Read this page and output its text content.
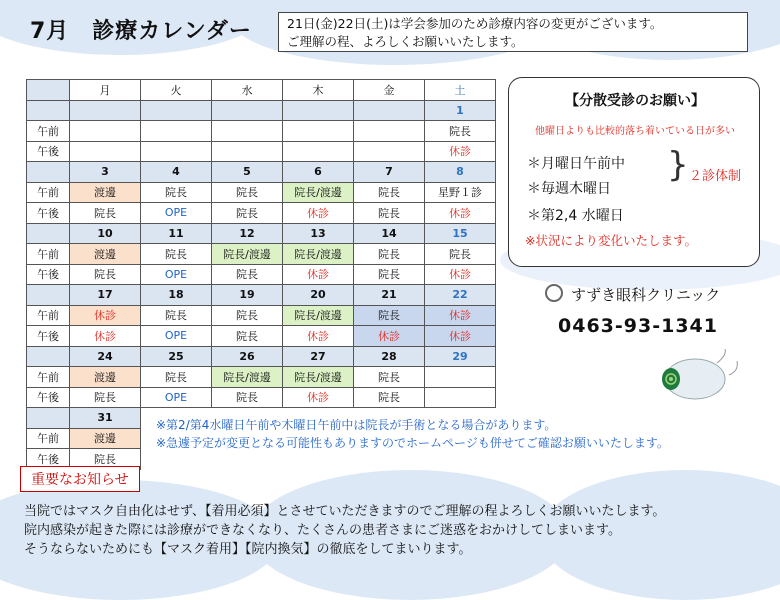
7月　診療カレンダー	21日(金)22日(土)は学会参加のため診療内容の変更がございます。
ご理解の程、よろしくお願いいたします。
	月	火	水	木	金	土
						1
午前						院長
午後						休診
	3	4	5	6	7	8
午前	渡邊	院長	院長	院長/渡邊	院長	星野１診
午後	院長	OPE	院長	休診	院長	休診
	10	11	12	13	14	15
午前	渡邊	院長	院長/渡邊	院長/渡邊	院長	院長
午後	院長	OPE	院長	休診	院長	休診
	17	18	19	20	21	22
午前	休診	院長	院長	院長/渡邊	院長	休診
午後	休診	OPE	院長	休診	休診	休診
	24	25	26	27	28	29
午前	渡邊	院長	院長/渡邊	院長/渡邊	院長	
午後	院長	OPE	院長	休診	院長	
	31					
午前	渡邊					
午後	院長					
【分散受診のお願い】
他曜日よりも比較的落ち着いている日が多い
＊月曜日午前中
＊毎週木曜日
＊第2,4 水曜日
} ２診体制
※状況により変化いたします。
すずき眼科クリニック
0463-93-1341
※第2/第4水曜日午前や木曜日午前中は院長が手術となる場合があります。
※急遽予定が変更となる可能性もありますのでホームページも併せてご確認お願いいたします。
重要なお知らせ
当院ではマスク自由化はせず、【着用必須】とさせていただきますのでご理解の程よろしくお願いいたします。
院内感染が起きた際には診療ができなくなり、たくさんの患者さまにご迷惑をおかけしてしまいます。
そうならないためにも【マスク着用】【院内換気】の徹底をしてまいります。
